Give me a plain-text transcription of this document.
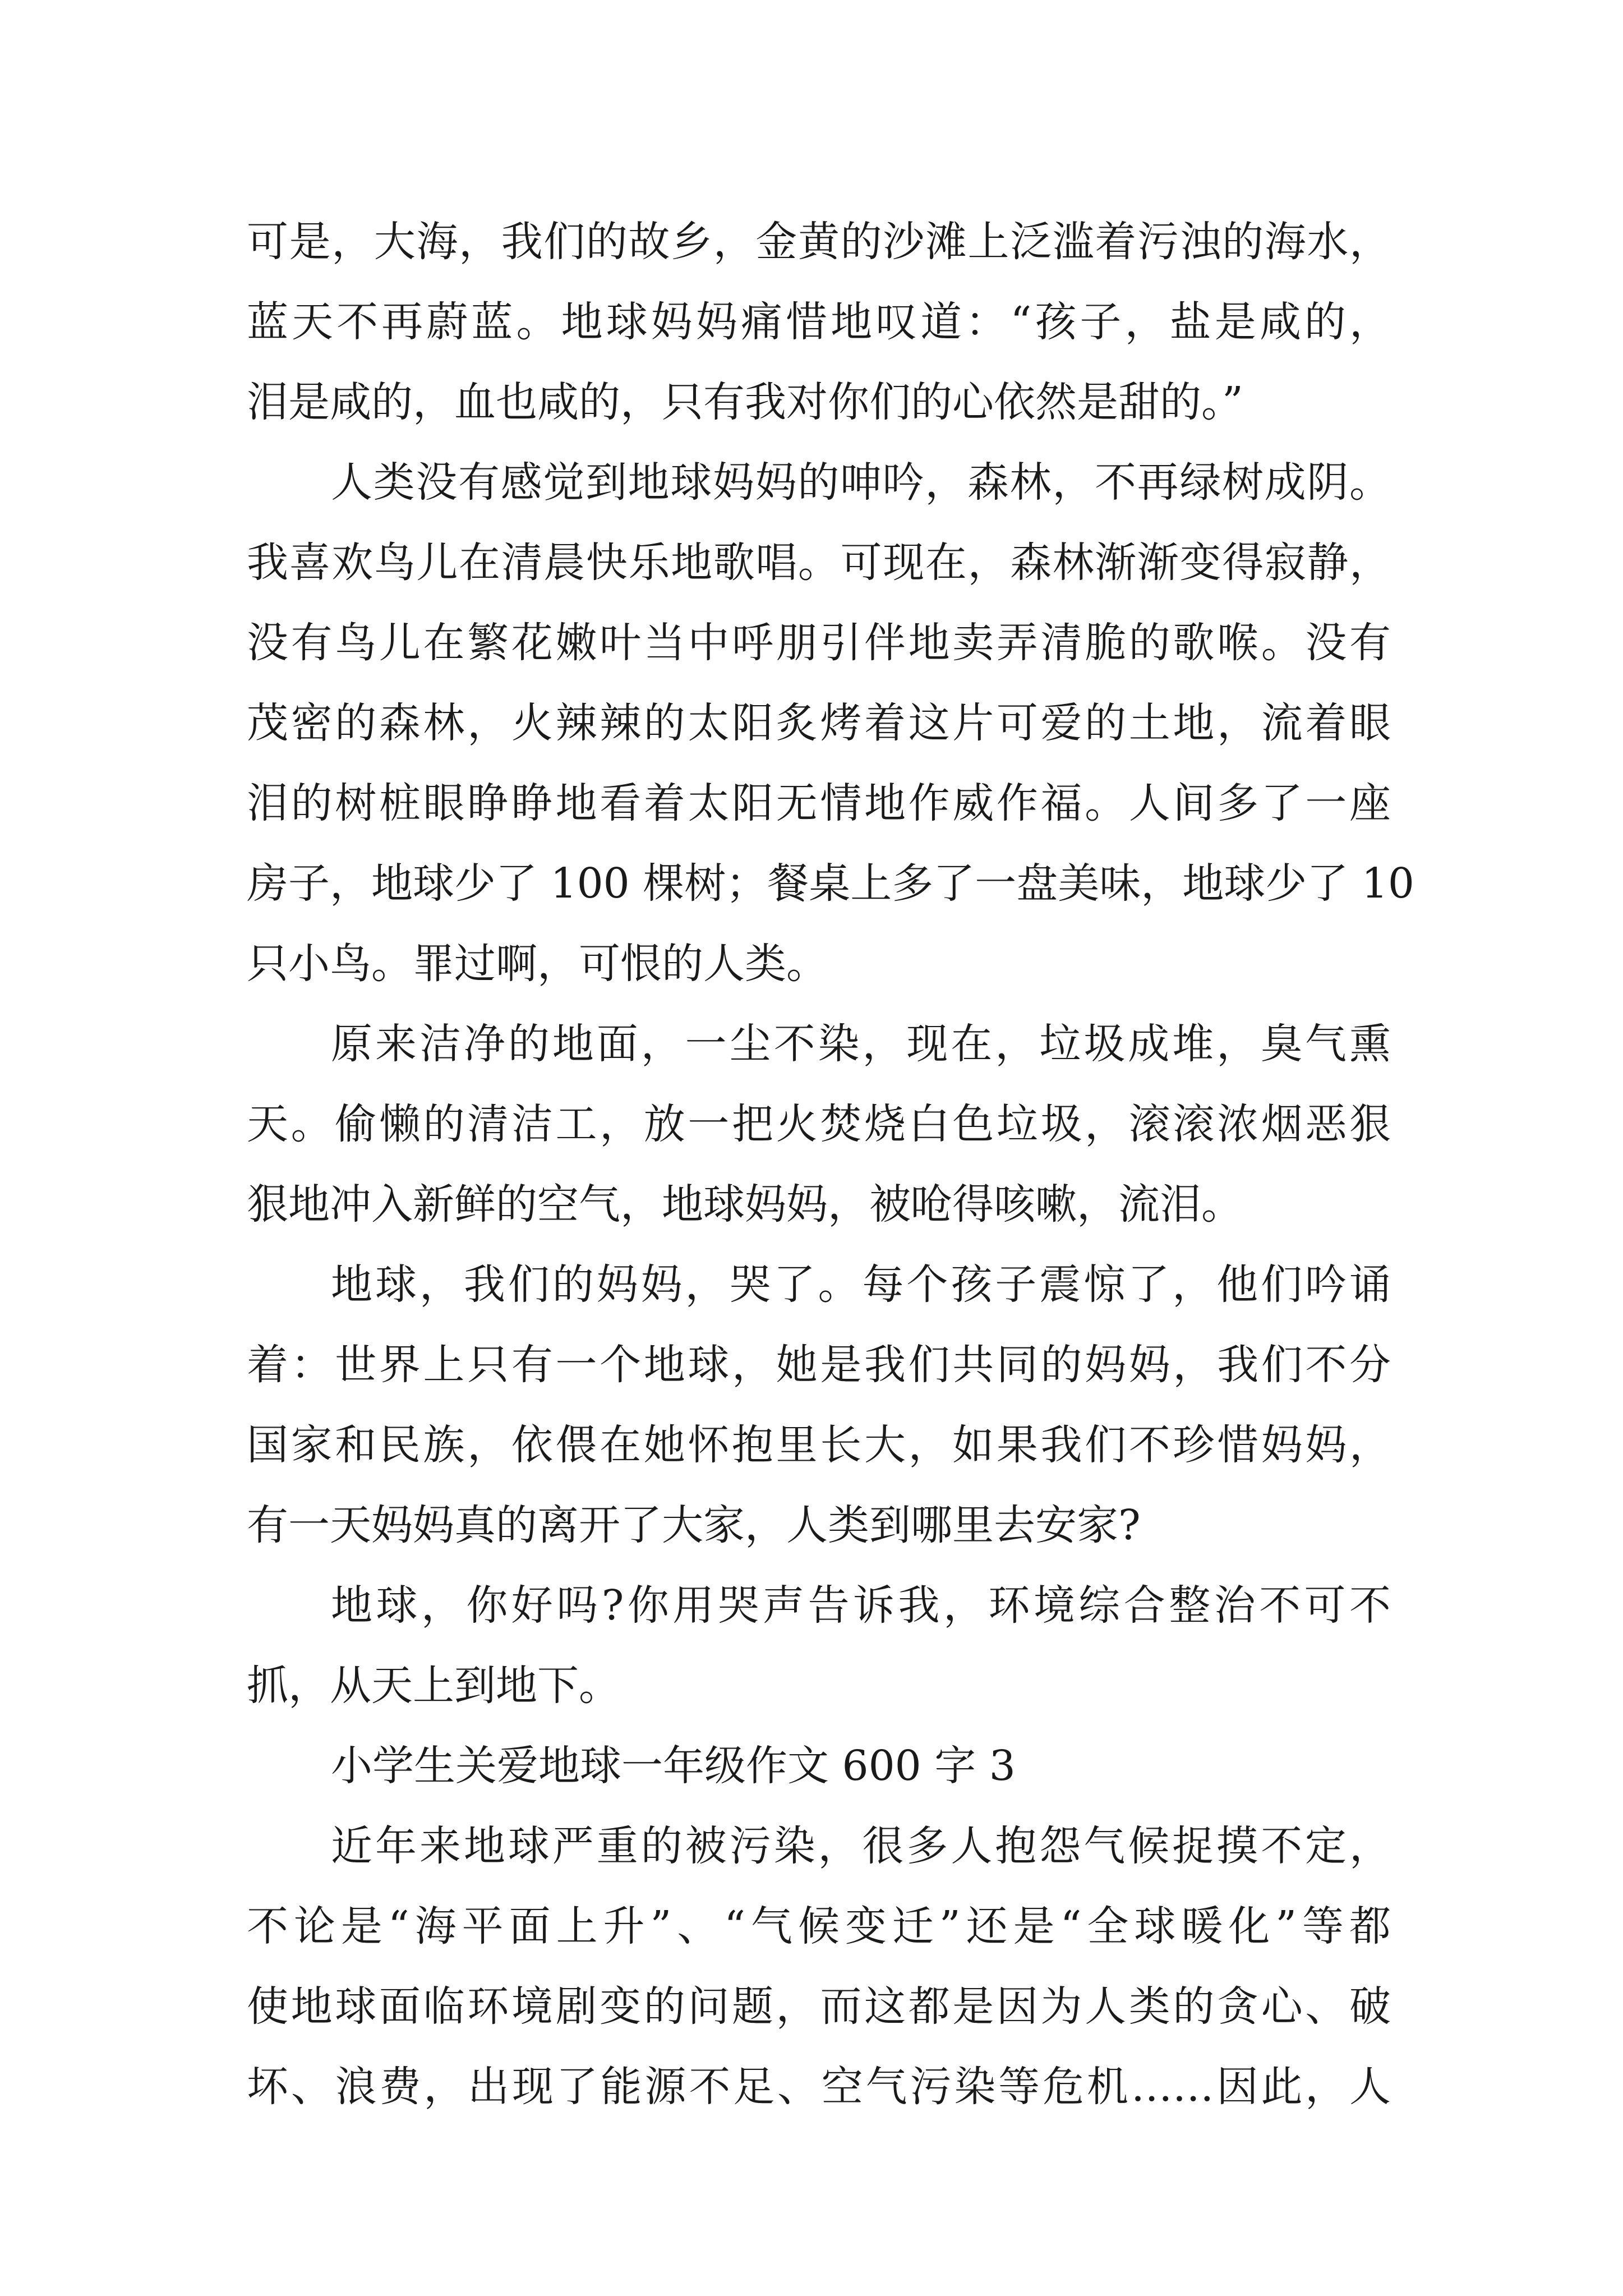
可是，大海，我们的故乡，金黄的沙滩上泛滥着污浊的海水，
蓝天不再蔚蓝。地球妈妈痛惜地叹道：“孩子，盐是咸的，
泪是咸的，血也咸的，只有我对你们的心依然是甜的。”
人类没有感觉到地球妈妈的呻吟，森林，不再绿树成阴。
我喜欢鸟儿在清晨快乐地歌唱。可现在，森林渐渐变得寂静，
没有鸟儿在繁花嫩叶当中呼朋引伴地卖弄清脆的歌喉。没有
茂密的森林，火辣辣的太阳炙烤着这片可爱的土地，流着眼
泪的树桩眼睁睁地看着太阳无情地作威作福。人间多了一座
房子，地球少了 100 棵树；餐桌上多了一盘美味，地球少了 10
只小鸟。罪过啊，可恨的人类。
原来洁净的地面，一尘不染，现在，垃圾成堆，臭气熏
天。偷懒的清洁工，放一把火焚烧白色垃圾，滚滚浓烟恶狠
狠地冲入新鲜的空气，地球妈妈，被呛得咳嗽，流泪。
地球，我们的妈妈，哭了。每个孩子震惊了，他们吟诵
着：世界上只有一个地球，她是我们共同的妈妈，我们不分
国家和民族，依偎在她怀抱里长大，如果我们不珍惜妈妈，
有一天妈妈真的离开了大家，人类到哪里去安家?
地球，你好吗?你用哭声告诉我，环境综合整治不可不
抓，从天上到地下。
小学生关爱地球一年级作文 600 字 3
近年来地球严重的被污染，很多人抱怨气候捉摸不定，
不论是“海平面上升”、“气候变迁”还是“全球暖化”等都
使地球面临环境剧变的问题，而这都是因为人类的贪心、破
坏、浪费，出现了能源不足、空气污染等危机……因此，人
